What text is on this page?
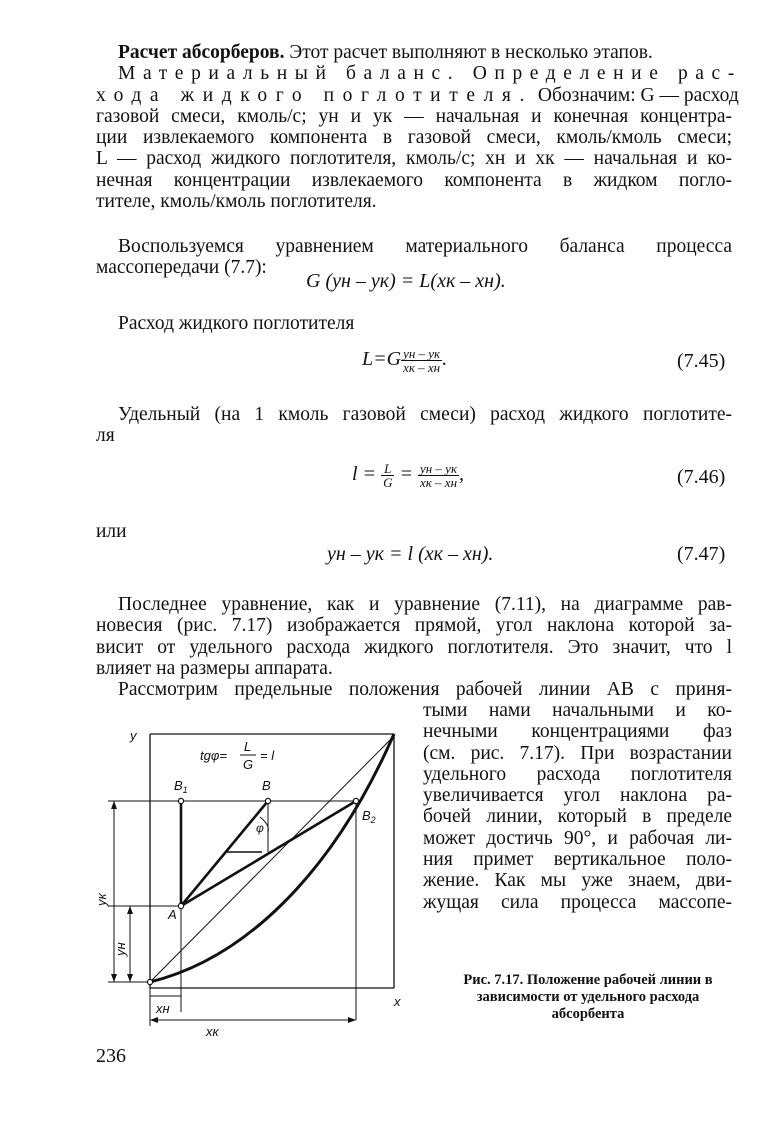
Расчет абсорберов. Этот расчет выполняют в несколько этапов.
Материальный баланс. Определение рас-
хода жидкого поглотителя. Обозначим: G — расход
газовой смеси, кмоль/с; yн и yк — начальная и конечная концентра-
ции извлекаемого компонента в газовой смеси, кмоль/кмоль смеси;
L — расход жидкого поглотителя, кмоль/с; xн и xк — начальная и ко-
нечная концентрации извлекаемого компонента в жидком погло-
тителе, кмоль/кмоль поглотителя.
Воспользуемся уравнением материального баланса процесса
массопередачи (7.7):
G (yн – yк) = L(xк – xн).
Расход жидкого поглотителя
$L=G \frac{yн - yк}{xк - xн}$ .	(7.45)
Удельный (на 1 кмоль газовой смеси) расход жидкого поглотите-
ля
$l = \frac{L}{G} = \frac{yн - yк}{xк - xн}$ ,	(7.46)
или
yн – yк = l (xк – xн).	(7.47)
Последнее уравнение, как и уравнение (7.11), на диаграмме рав-
новесия (рис. 7.17) изображается прямой, угол наклона которой за-
висит от удельного расхода жидкого поглотителя. Это значит, что l
влияет на размеры аппарата.
Рассмотрим предельные положения рабочей линии AB с приня-
тыми нами начальными и ко-
нечными концентрациями фаз
(см. рис. 7.17). При возрастании
удельного расхода поглотителя
увеличивается угол наклона ра-
бочей линии, который в пределе
может достичь 90°, и рабочая ли-
ния примет вертикальное поло-
жение. Как мы уже знаем, дви-
жущая сила процесса массопе-
y
x
tgφ=
L
G
= l
$B_1$	B
$B_2$
A
φ
yк
yн
xн
xк
Рис. 7.17. Положение рабочей линии в
зависимости от удельного расхода
абсорбента
236
